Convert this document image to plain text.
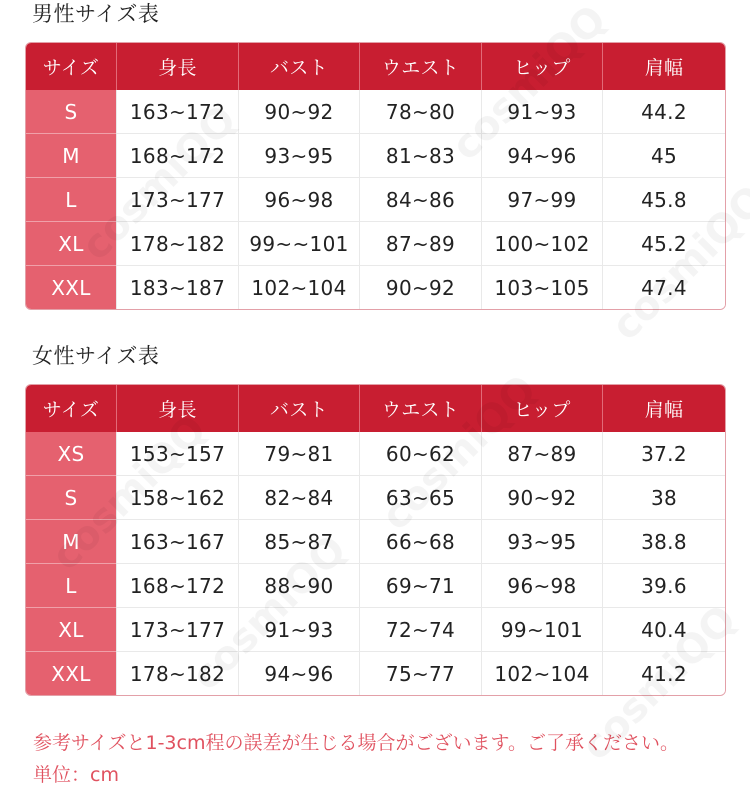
男性サイズ表
サイズ	身長	バスト	ウエスト	ヒップ	肩幅
S	163~172	90~92	78~80	91~93	44.2
M	168~172	93~95	81~83	94~96	45
L	173~177	96~98	84~86	97~99	45.8
XL	178~182	99~~101	87~89	100~102	45.2
XXL	183~187	102~104	90~92	103~105	47.4
女性サイズ表
サイズ	身長	バスト	ウエスト	ヒップ	肩幅
XS	153~157	79~81	60~62	87~89	37.2
S	158~162	82~84	63~65	90~92	38
M	163~167	85~87	66~68	93~95	38.8
L	168~172	88~90	69~71	96~98	39.6
XL	173~177	91~93	72~74	99~101	40.4
XXL	178~182	94~96	75~77	102~104	41.2
参考サイズと1-3cm程の誤差が生じる場合がございます。ご了承ください。
単位：cm
